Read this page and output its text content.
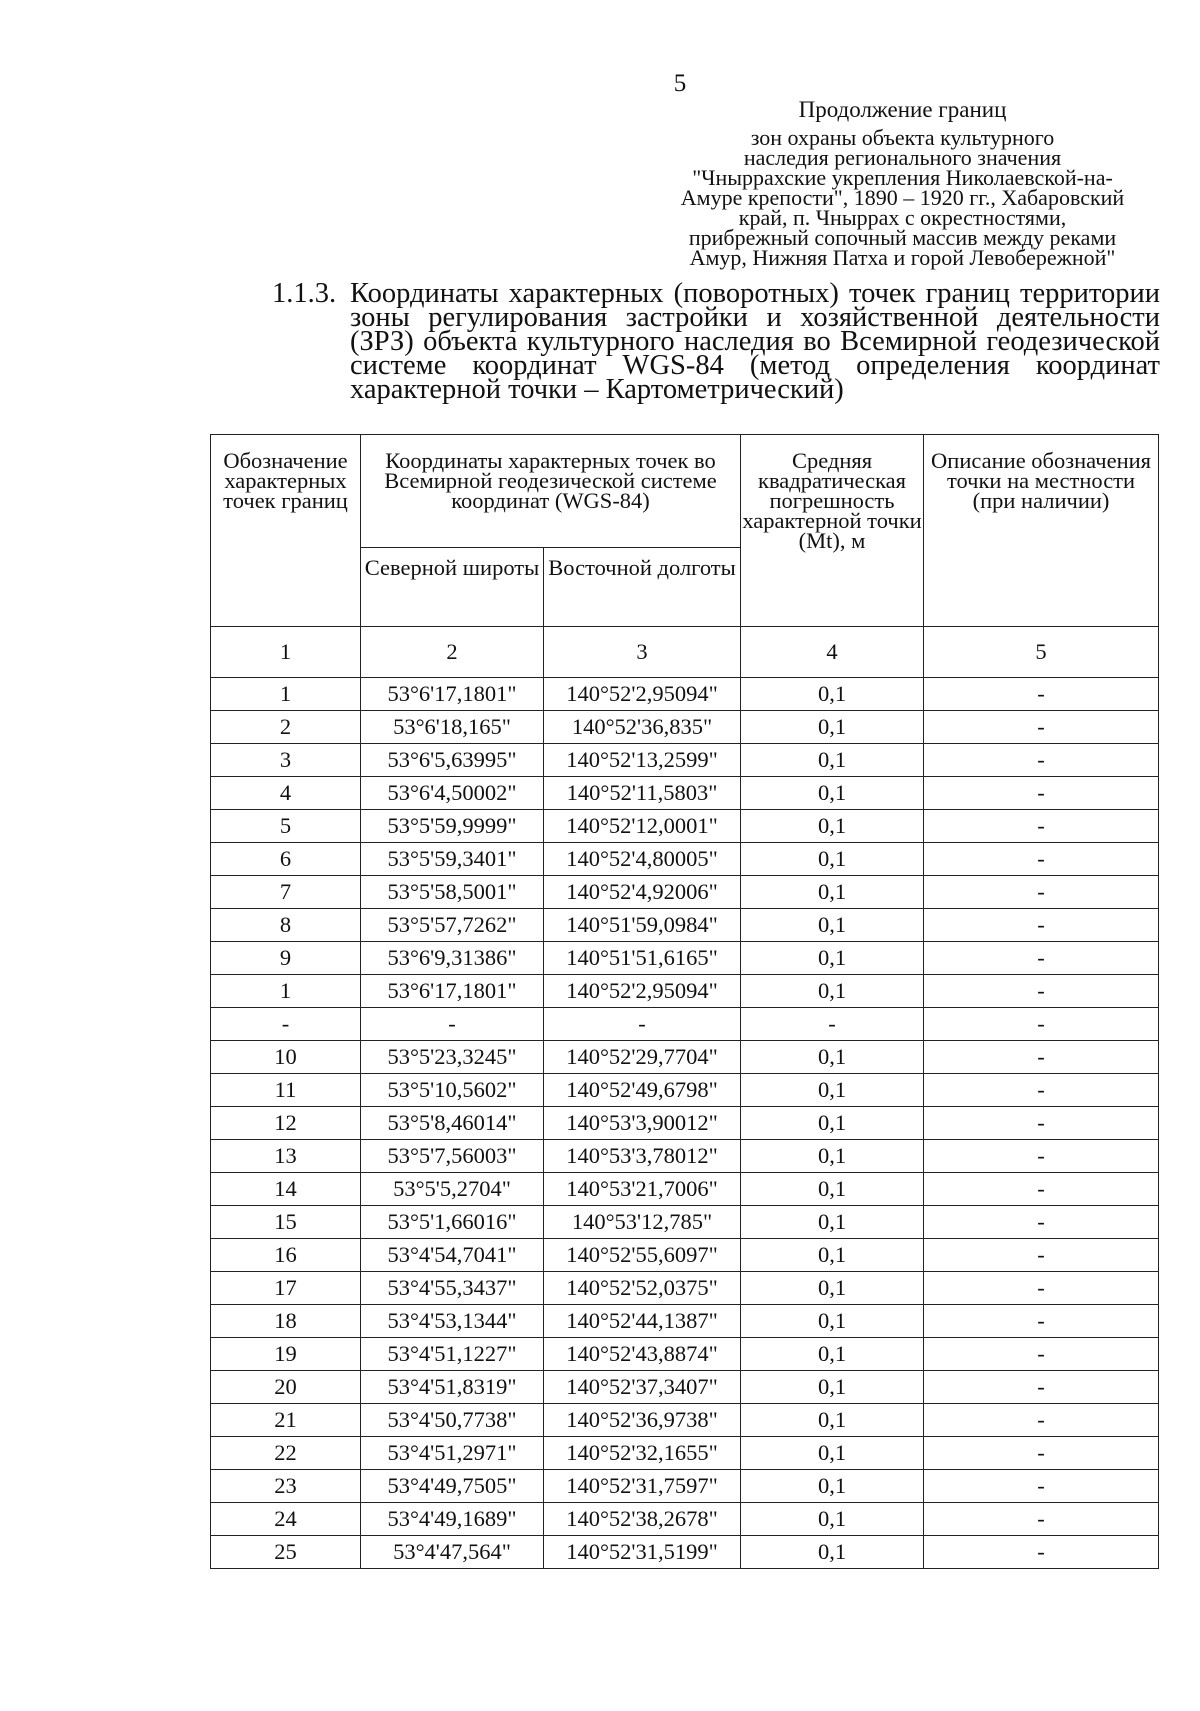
5
Продолжение границ
зон охраны объекта культурного
наследия регионального значения
"Чныррахские укрепления Николаевской-на-
Амуре крепости", 1890 – 1920 гг., Хабаровский
край, п. Чныррах с окрестностями,
прибрежный сопочный массив между реками
Амур, Нижняя Патха и горой Левобережной"
1.1.3. Координаты характерных (поворотных) точек границ территории зоны регулирования застройки и хозяйственной деятельности (ЗРЗ) объекта культурного наследия во Всемирной геодезической системе координат WGS-84 (метод определения координат характерной точки – Картометрический)
Обозначение характерных точек границ	Координаты характерных точек во Всемирной геодезической системе координат (WGS-84)		Средняя квадратическая погрешность характерной точки (Mt), м	Описание обозначения точки на местности (при наличии)
	Северной широты	Восточной долготы		
1	2	3	4	5
1	53°6'17,1801"	140°52'2,95094"	0,1	-
2	53°6'18,165"	140°52'36,835"	0,1	-
3	53°6'5,63995"	140°52'13,2599"	0,1	-
4	53°6'4,50002"	140°52'11,5803"	0,1	-
5	53°5'59,9999"	140°52'12,0001"	0,1	-
6	53°5'59,3401"	140°52'4,80005"	0,1	-
7	53°5'58,5001"	140°52'4,92006"	0,1	-
8	53°5'57,7262"	140°51'59,0984"	0,1	-
9	53°6'9,31386"	140°51'51,6165"	0,1	-
1	53°6'17,1801"	140°52'2,95094"	0,1	-
-	-	-	-	-
10	53°5'23,3245"	140°52'29,7704"	0,1	-
11	53°5'10,5602"	140°52'49,6798"	0,1	-
12	53°5'8,46014"	140°53'3,90012"	0,1	-
13	53°5'7,56003"	140°53'3,78012"	0,1	-
14	53°5'5,2704"	140°53'21,7006"	0,1	-
15	53°5'1,66016"	140°53'12,785"	0,1	-
16	53°4'54,7041"	140°52'55,6097"	0,1	-
17	53°4'55,3437"	140°52'52,0375"	0,1	-
18	53°4'53,1344"	140°52'44,1387"	0,1	-
19	53°4'51,1227"	140°52'43,8874"	0,1	-
20	53°4'51,8319"	140°52'37,3407"	0,1	-
21	53°4'50,7738"	140°52'36,9738"	0,1	-
22	53°4'51,2971"	140°52'32,1655"	0,1	-
23	53°4'49,7505"	140°52'31,7597"	0,1	-
24	53°4'49,1689"	140°52'38,2678"	0,1	-
25	53°4'47,564"	140°52'31,5199"	0,1	-
